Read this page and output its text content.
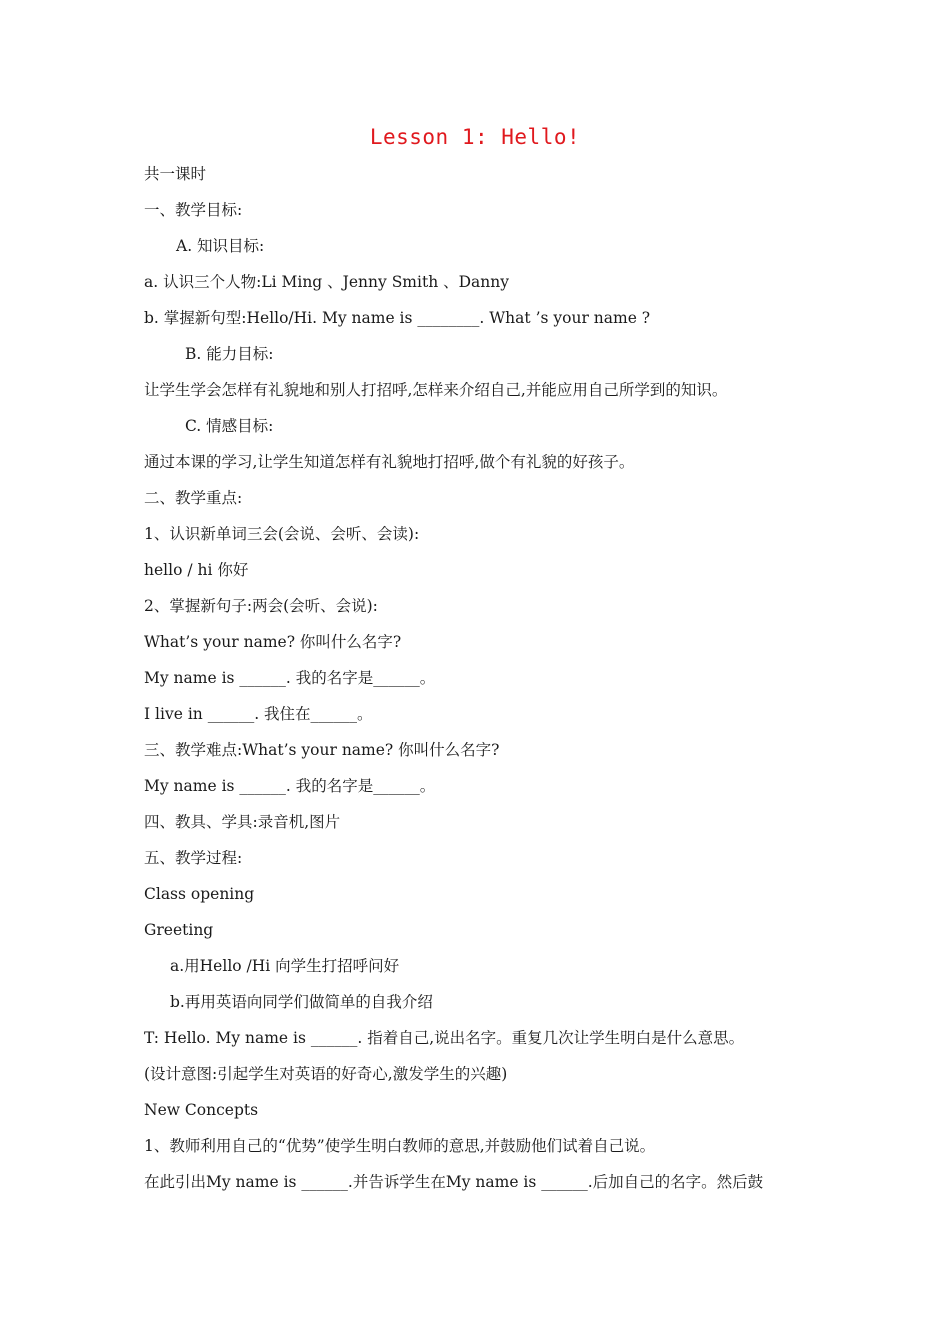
Lesson 1: Hello!
共一课时
一、教学目标:
A. 知识目标:
a. 认识三个人物:Li Ming 、Jenny Smith 、Danny
b. 掌握新句型:Hello/Hi. My name is ________. What ’s your name ?
B. 能力目标:
让学生学会怎样有礼貌地和别人打招呼,怎样来介绍自己,并能应用自己所学到的知识。
C. 情感目标:
通过本课的学习,让学生知道怎样有礼貌地打招呼,做个有礼貌的好孩子。
二、教学重点:
1、认识新单词三会(会说、会听、会读):
hello / hi 你好
2、掌握新句子:两会(会听、会说):
What’s your name? 你叫什么名字?
My name is ______. 我的名字是______。
I live in ______. 我住在______。
三、教学难点:What’s your name? 你叫什么名字?
My name is ______. 我的名字是______。
四、教具、学具:录音机,图片
五、教学过程:
Class opening
Greeting
a.用Hello /Hi 向学生打招呼问好
b.再用英语向同学们做简单的自我介绍
T: Hello. My name is ______. 指着自己,说出名字。重复几次让学生明白是什么意思。
(设计意图:引起学生对英语的好奇心,激发学生的兴趣)
New Concepts
1、教师利用自己的“优势”使学生明白教师的意思,并鼓励他们试着自己说。
在此引出My name is ______.并告诉学生在My name is ______.后加自己的名字。然后鼓
